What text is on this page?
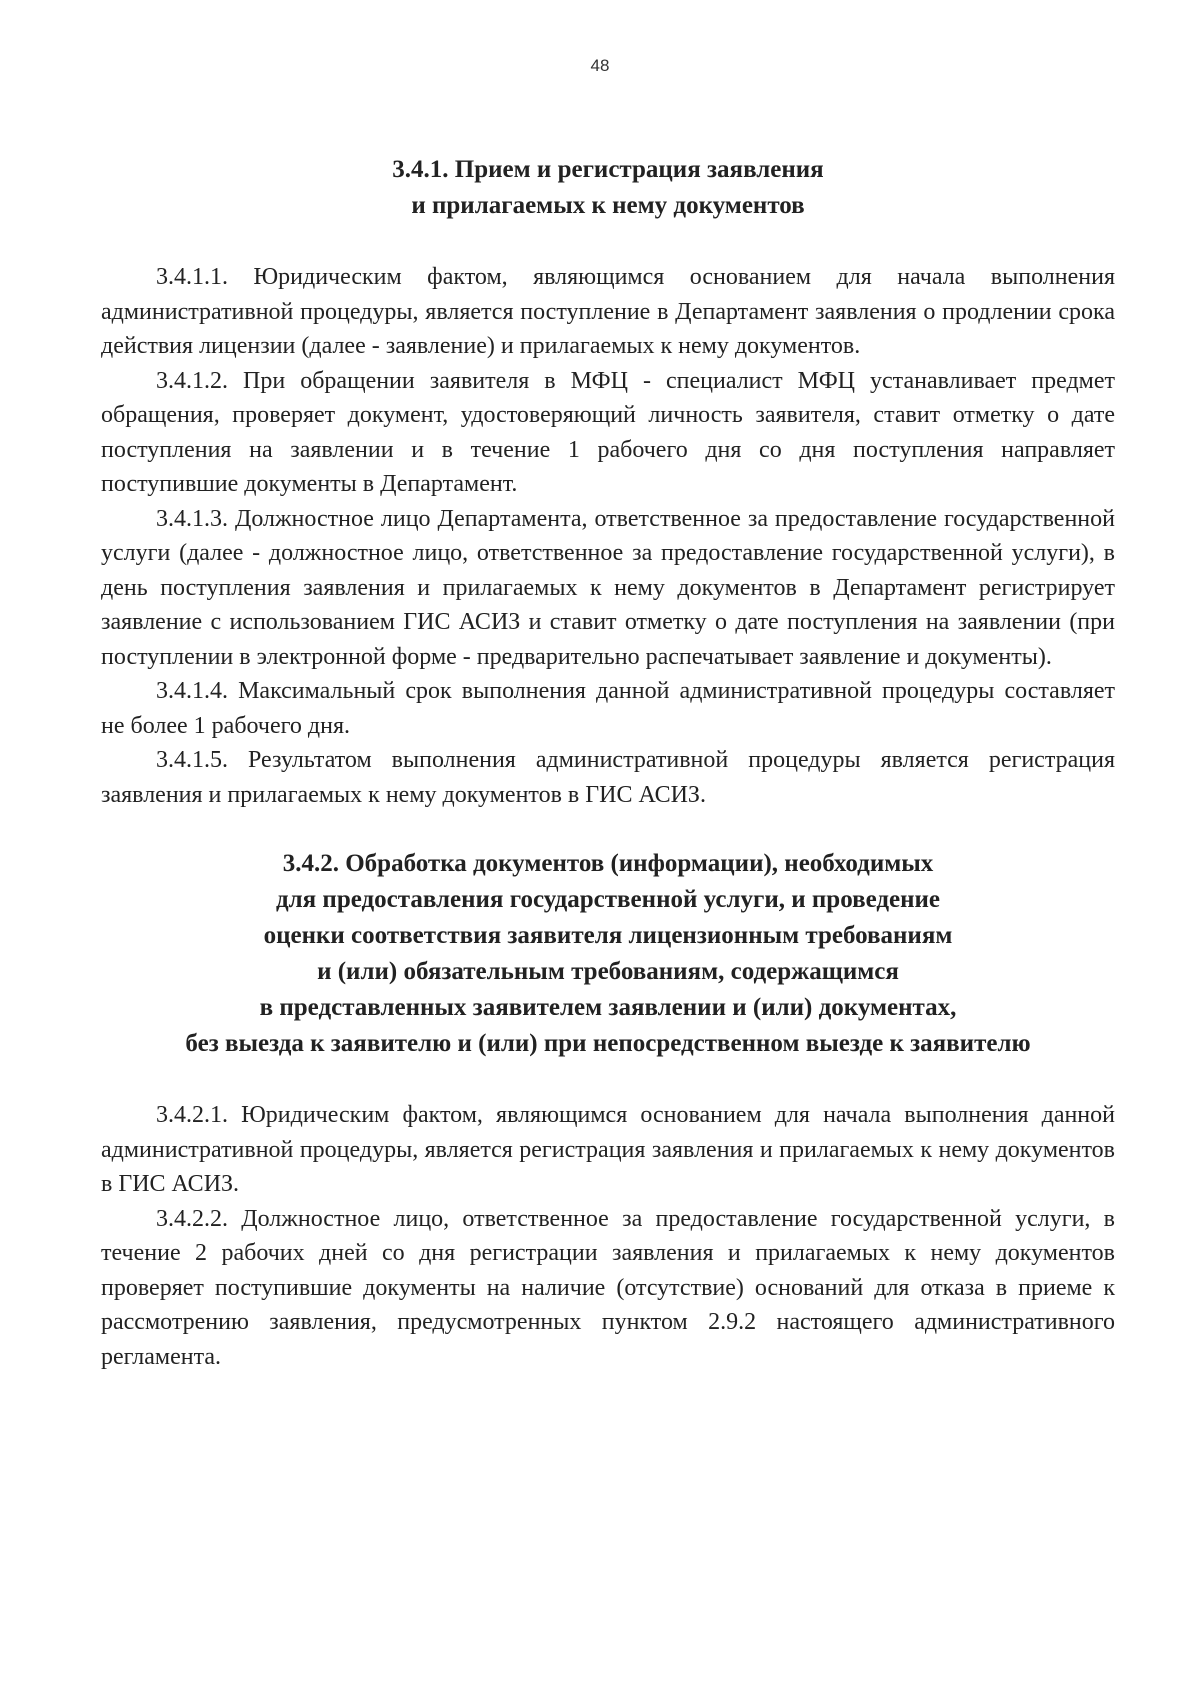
48
3.4.1. Прием и регистрация заявления
и прилагаемых к нему документов

3.4.1.1. Юридическим фактом, являющимся основанием для начала выполнения административной процедуры, является поступление в Департамент заявления о продлении срока действия лицензии (далее - заявление) и прилагаемых к нему документов.

3.4.1.2. При обращении заявителя в МФЦ - специалист МФЦ устанавливает предмет обращения, проверяет документ, удостоверяющий личность заявителя, ставит отметку о дате поступления на заявлении и в течение 1 рабочего дня со дня поступления направляет поступившие документы в Департамент.

3.4.1.3. Должностное лицо Департамента, ответственное за предоставление государственной услуги (далее - должностное лицо, ответственное за предоставление государственной услуги), в день поступления заявления и прилагаемых к нему документов в Департамент регистрирует заявление с использованием ГИС АСИЗ и ставит отметку о дате поступления на заявлении (при поступлении в электронной форме - предварительно распечатывает заявление и документы).

3.4.1.4. Максимальный срок выполнения данной административной процедуры составляет не более 1 рабочего дня.

3.4.1.5. Результатом выполнения административной процедуры является регистрация заявления и прилагаемых к нему документов в ГИС АСИЗ.

3.4.2. Обработка документов (информации), необходимых
для предоставления государственной услуги, и проведение
оценки соответствия заявителя лицензионным требованиям
и (или) обязательным требованиям, содержащимся
в представленных заявителем заявлении и (или) документах,
без выезда к заявителю и (или) при непосредственном выезде к заявителю

3.4.2.1. Юридическим фактом, являющимся основанием для начала выполнения данной административной процедуры, является регистрация заявления и прилагаемых к нему документов в ГИС АСИЗ.

3.4.2.2. Должностное лицо, ответственное за предоставление государственной услуги, в течение 2 рабочих дней со дня регистрации заявления и прилагаемых к нему документов проверяет поступившие документы на наличие (отсутствие) оснований для отказа в приеме к рассмотрению заявления, предусмотренных пунктом 2.9.2 настоящего административного регламента.
